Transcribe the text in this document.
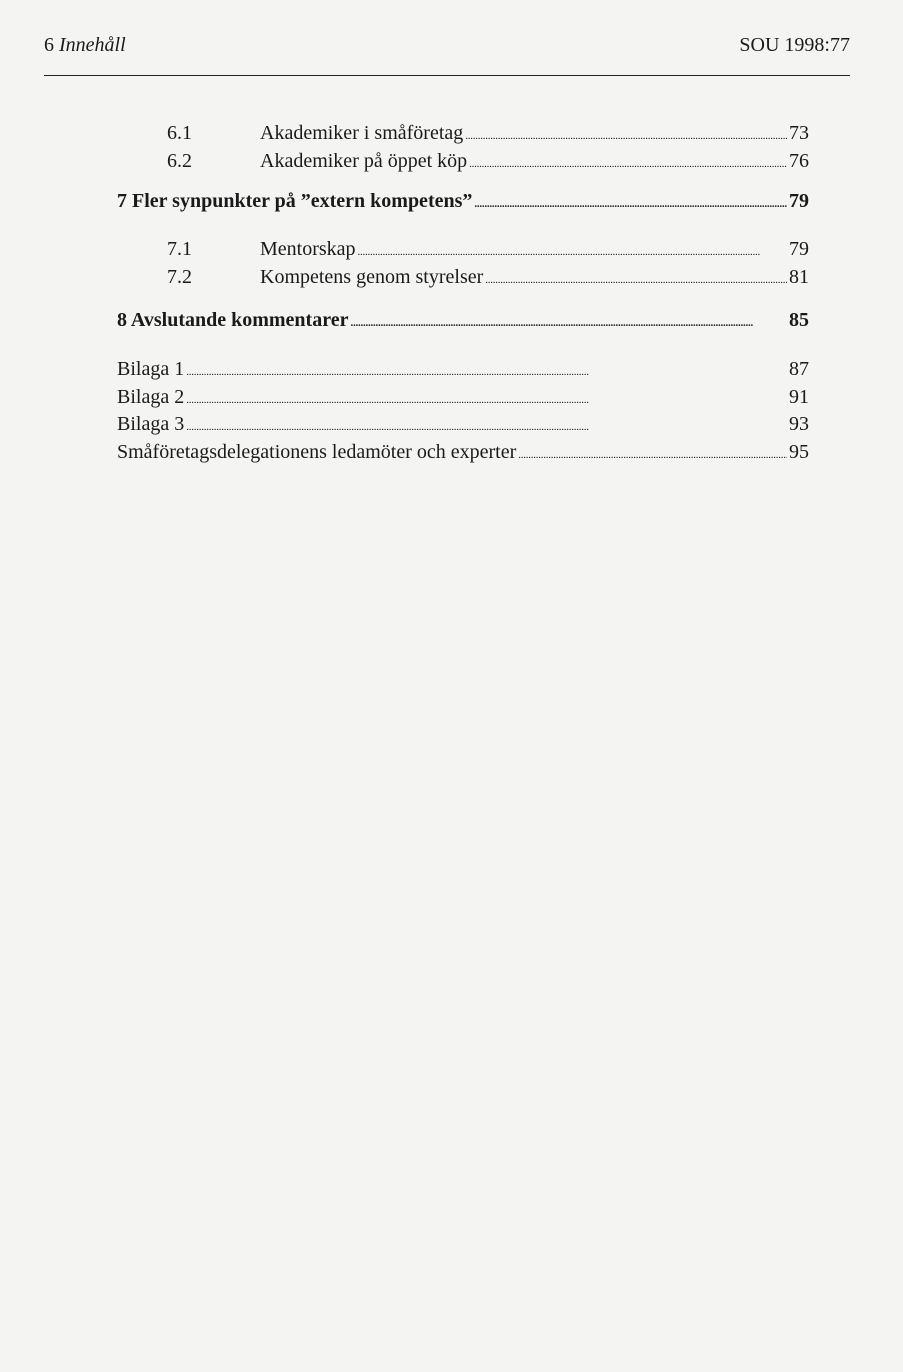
6 Innehåll	SOU 1998:77
6.1	Akademiker i småföretag . . .	73
6.2	Akademiker på öppet köp . . .	76
7 Fler synpunkter på ”extern kompetens” . . .	79
7.1	Mentorskap . . .	79
7.2	Kompetens genom styrelser . . .	81
8 Avslutande kommentarer . . .	85
Bilaga 1 . . .	87
Bilaga 2 . . .	91
Bilaga 3 . . .	93
Småföretagsdelegationens ledamöter och experter . . .	95
